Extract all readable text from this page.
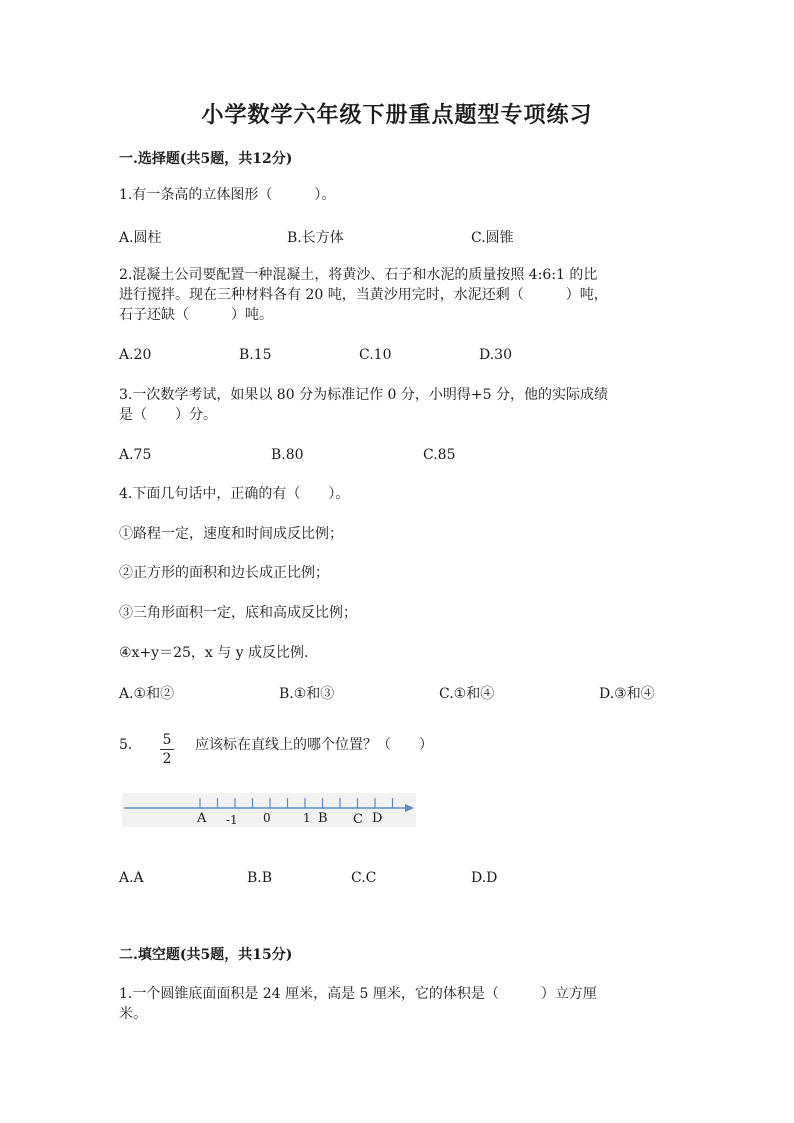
小学数学六年级下册重点题型专项练习
一.选择题(共5题，共12分)
1.有一条高的立体图形（　　　）。
A.圆柱	B.长方体	C.圆锥
2.混凝土公司要配置一种混凝土，将黄沙、石子和水泥的质量按照 4:6:1 的比
进行搅拌。现在三种材料各有 20 吨，当黄沙用完时，水泥还剩（　　　）吨，
石子还缺（　　　）吨。
A.20	B.15	C.10	D.30
3.一次数学考试，如果以 80 分为标准记作 0 分，小明得+5 分，他的实际成绩
是（　　）分。
A.75	B.80	C.85
4.下面几句话中，正确的有（　　）。
①路程一定，速度和时间成反比例；
②正方形的面积和边长成正比例；
③三角形面积一定，底和高成反比例；
④x+y＝25，x 与 y 成反比例.
A.①和②	B.①和③	C.①和④	D.③和④
5.	5
2
应该标在直线上的哪个位置？（　　）
A -1 0	1 B C D
A.A	B.B	C.C	D.D
二.填空题(共5题，共15分)
1.一个圆锥底面面积是 24 厘米，高是 5 厘米，它的体积是（　　　）立方厘
米。
